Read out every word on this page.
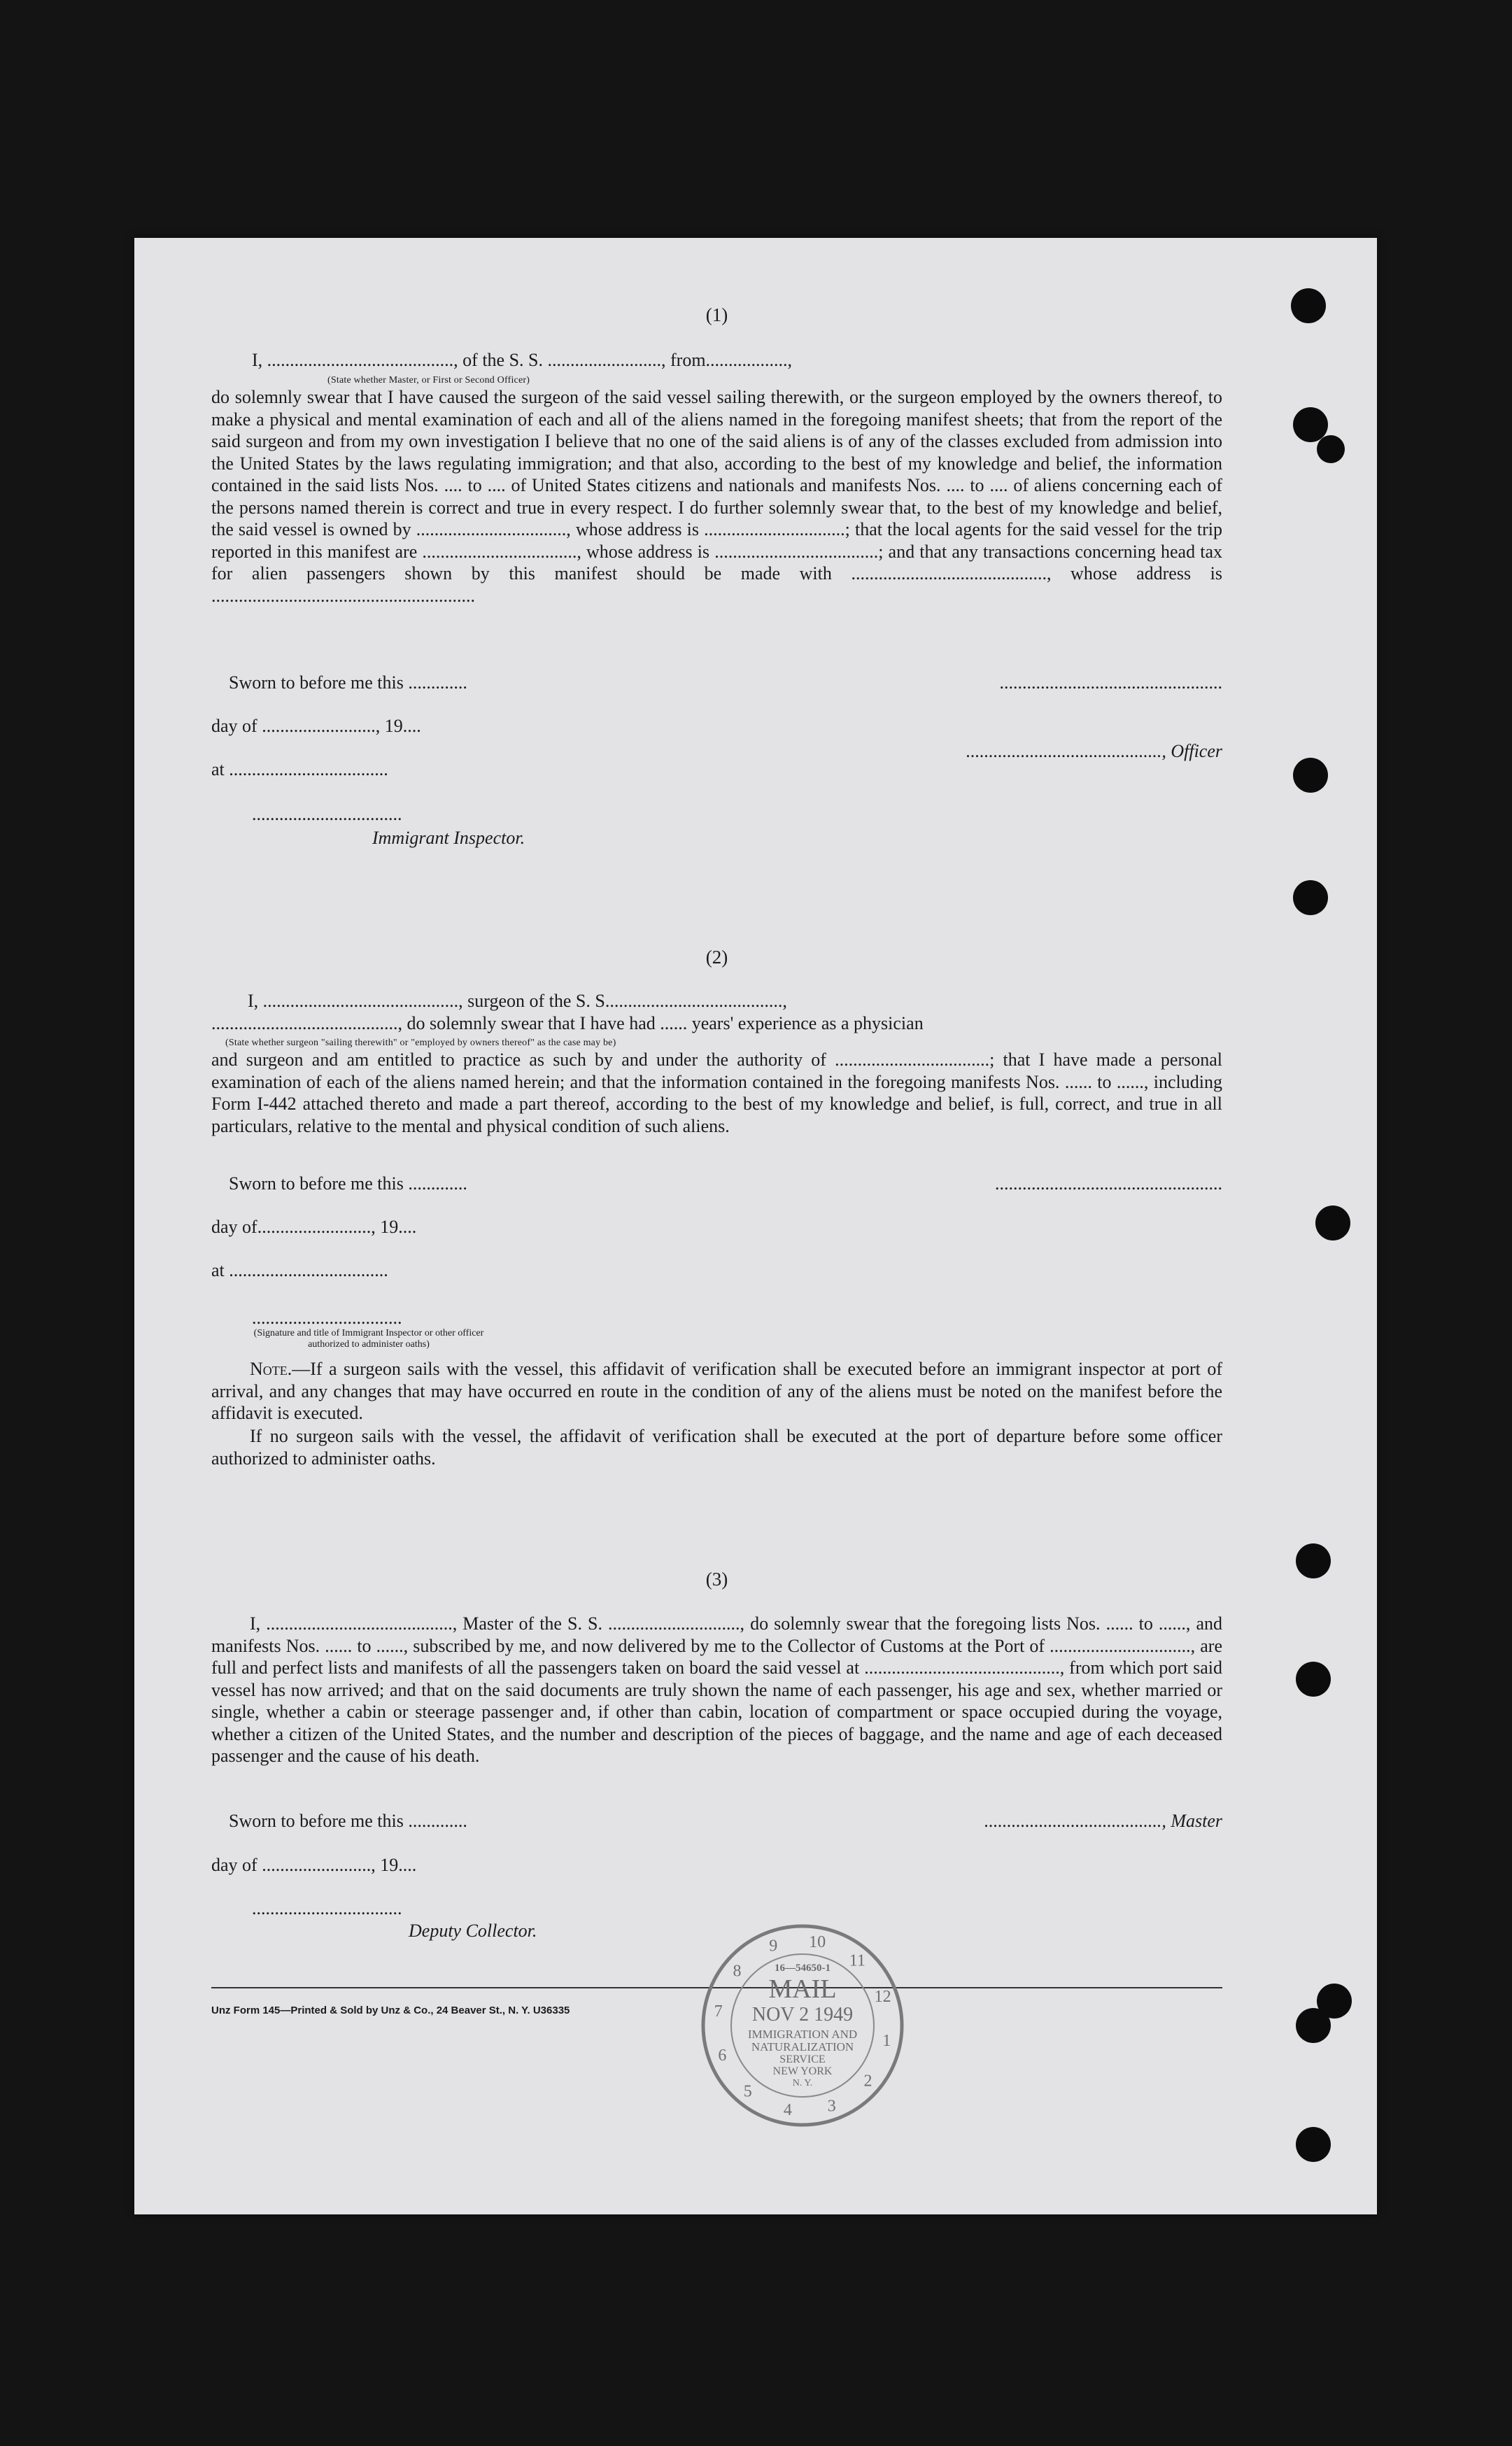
(1)
I, ........................................., of the S. S. ........................., from..................,
(State whether Master, or First or Second Officer)

do solemnly swear that I have caused the surgeon of the said vessel sailing therewith, or the surgeon employed by the owners thereof, to make a physical and mental examination of each and all of the aliens named in the foregoing manifest sheets; that from the report of the said surgeon and from my own investigation I believe that no one of the said aliens is of any of the classes excluded from admission into the United States by the laws regulating immigration; and that also, according to the best of my knowledge and belief, the information contained in the said lists Nos. .... to .... of United States citizens and nationals and manifests Nos. .... to .... of aliens concerning each of the persons named therein is correct and true in every respect. I do further solemnly swear that, to the best of my knowledge and belief, the said vessel is owned by ................................., whose address is ...............................; that the local agents for the said vessel for the trip reported in this manifest are .................................., whose address is ....................................; and that any transactions concerning head tax for alien passengers shown by this manifest should be made with ..........................................., whose address is ..........................................................

Sworn to before me this .............	.................................................
day of ........................., 19....
..........................................., Officer
at ...................................
.................................
Immigrant Inspector.
(2)
I, ..........................................., surgeon of the S. S.......................................,
........................................., do solemnly swear that I have had ...... years' experience as a physician
(State whether surgeon "sailing therewith" or "employed by owners thereof" as the case may be)

and surgeon and am entitled to practice as such by and under the authority of ..................................; that I have made a personal examination of each of the aliens named herein; and that the information contained in the foregoing manifests Nos. ...... to ......, including Form I-442 attached thereto and made a part thereof, according to the best of my knowledge and belief, is full, correct, and true in all particulars, relative to the mental and physical condition of such aliens.

Sworn to before me this .............	..................................................
day of........................., 19....
at ...................................
.................................
(Signature and title of Immigrant Inspector or other officer authorized to administer oaths)

Note.—If a surgeon sails with the vessel, this affidavit of verification shall be executed before an immigrant inspector at port of arrival, and any changes that may have occurred en route in the condition of any of the aliens must be noted on the manifest before the affidavit is executed.

If no surgeon sails with the vessel, the affidavit of verification shall be executed at the port of departure before some officer authorized to administer oaths.

(3)

I, ........................................., Master of the S. S. ............................., do solemnly swear that the foregoing lists Nos. ...... to ......, and manifests Nos. ...... to ......, subscribed by me, and now delivered by me to the Collector of Customs at the Port of ..............................., are full and perfect lists and manifests of all the passengers taken on board the said vessel at ..........................................., from which port said vessel has now arrived; and that on the said documents are truly shown the name of each passenger, his age and sex, whether married or single, whether a cabin or steerage passenger and, if other than cabin, location of compartment or space occupied during the voyage, whether a citizen of the United States, and the number and description of the pieces of baggage, and the name and age of each deceased passenger and the cause of his death.

Sworn to before me this .............	......................................., Master
day of ........................, 19....
.................................
Deputy Collector.
Unz Form 145—Printed & Sold by Unz & Co., 24 Beaver St., N. Y. U36335
9 10
11
12
1
2
3
4
5
6
7
8	16—54650-1
MAIL
NOV 2 1949
IMMIGRATION AND
NATURALIZATION
SERVICE
NEW YORK
N. Y.
